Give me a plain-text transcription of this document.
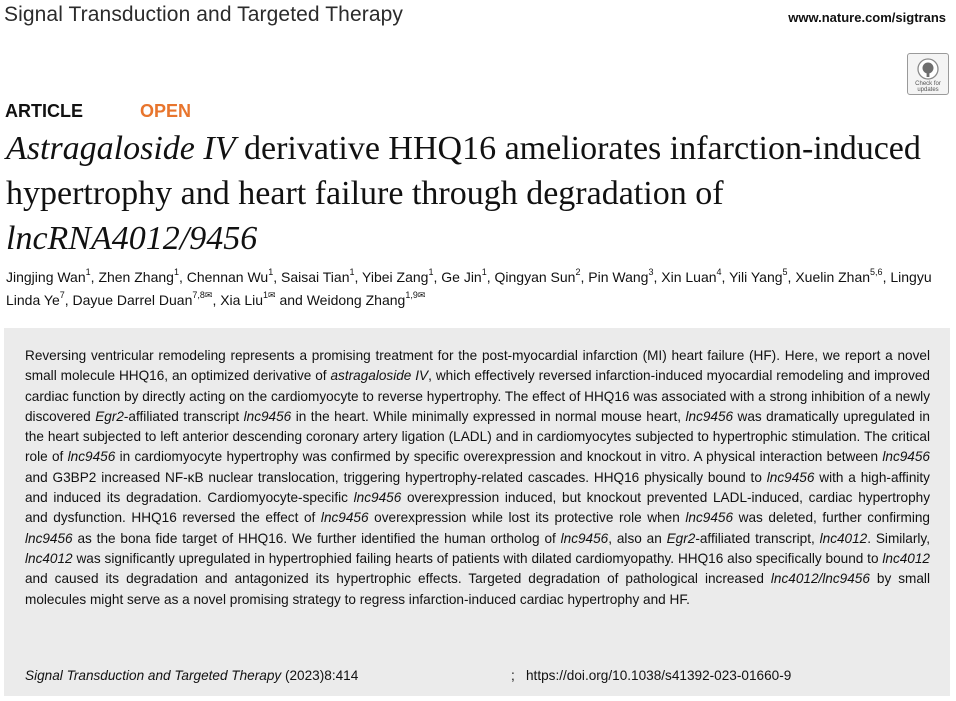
Signal Transduction and Targeted Therapy	www.nature.com/sigtrans
Check for
updates
ARTICLE	OPEN
Astragaloside IV derivative HHQ16 ameliorates infarction-induced hypertrophy and heart failure through degradation of lncRNA4012/9456
Jingjing Wan$^1$, Zhen Zhang$^1$, Chennan Wu$^1$, Saisai Tian$^1$, Yibei Zang$^1$, Ge Jin$^1$, Qingyan Sun$^2$, Pin Wang$^3$, Xin Luan$^4$, Yili Yang$^5$, Xuelin Zhan$^{5,6}$, Lingyu Linda Ye$^7$, Dayue Darrel Duan$^{7,8✉}$, Xia Liu$^{1✉}$ and Weidong Zhang$^{1,9✉}$

Reversing ventricular remodeling represents a promising treatment for the post-myocardial infarction (MI) heart failure (HF). Here, we report a novel small molecule HHQ16, an optimized derivative of astragaloside IV, which effectively reversed infarction-induced myocardial remodeling and improved cardiac function by directly acting on the cardiomyocyte to reverse hypertrophy. The effect of HHQ16 was associated with a strong inhibition of a newly discovered Egr2-affiliated transcript lnc9456 in the heart. While minimally expressed in normal mouse heart, lnc9456 was dramatically upregulated in the heart subjected to left anterior descending coronary artery ligation (LADL) and in cardiomyocytes subjected to hypertrophic stimulation. The critical role of lnc9456 in cardiomyocyte hypertrophy was confirmed by specific overexpression and knockout in vitro. A physical interaction between lnc9456 and G3BP2 increased NF-κB nuclear translocation, triggering hypertrophy-related cascades. HHQ16 physically bound to lnc9456 with a high-affinity and induced its degradation. Cardiomyocyte-specific lnc9456 overexpression induced, but knockout prevented LADL-induced, cardiac hypertrophy and dysfunction. HHQ16 reversed the effect of lnc9456 overexpression while lost its protective role when lnc9456 was deleted, further confirming lnc9456 as the bona fide target of HHQ16. We further identified the human ortholog of lnc9456, also an Egr2-affiliated transcript, lnc4012. Similarly, lnc4012 was significantly upregulated in hypertrophied failing hearts of patients with dilated cardiomyopathy. HHQ16 also specifically bound to lnc4012 and caused its degradation and antagonized its hypertrophic effects. Targeted degradation of pathological increased lnc4012/lnc9456 by small molecules might serve as a novel promising strategy to regress infarction-induced cardiac hypertrophy and HF.

Signal Transduction and Targeted Therapy (2023)8:414	; https://doi.org/10.1038/s41392-023-01660-9
